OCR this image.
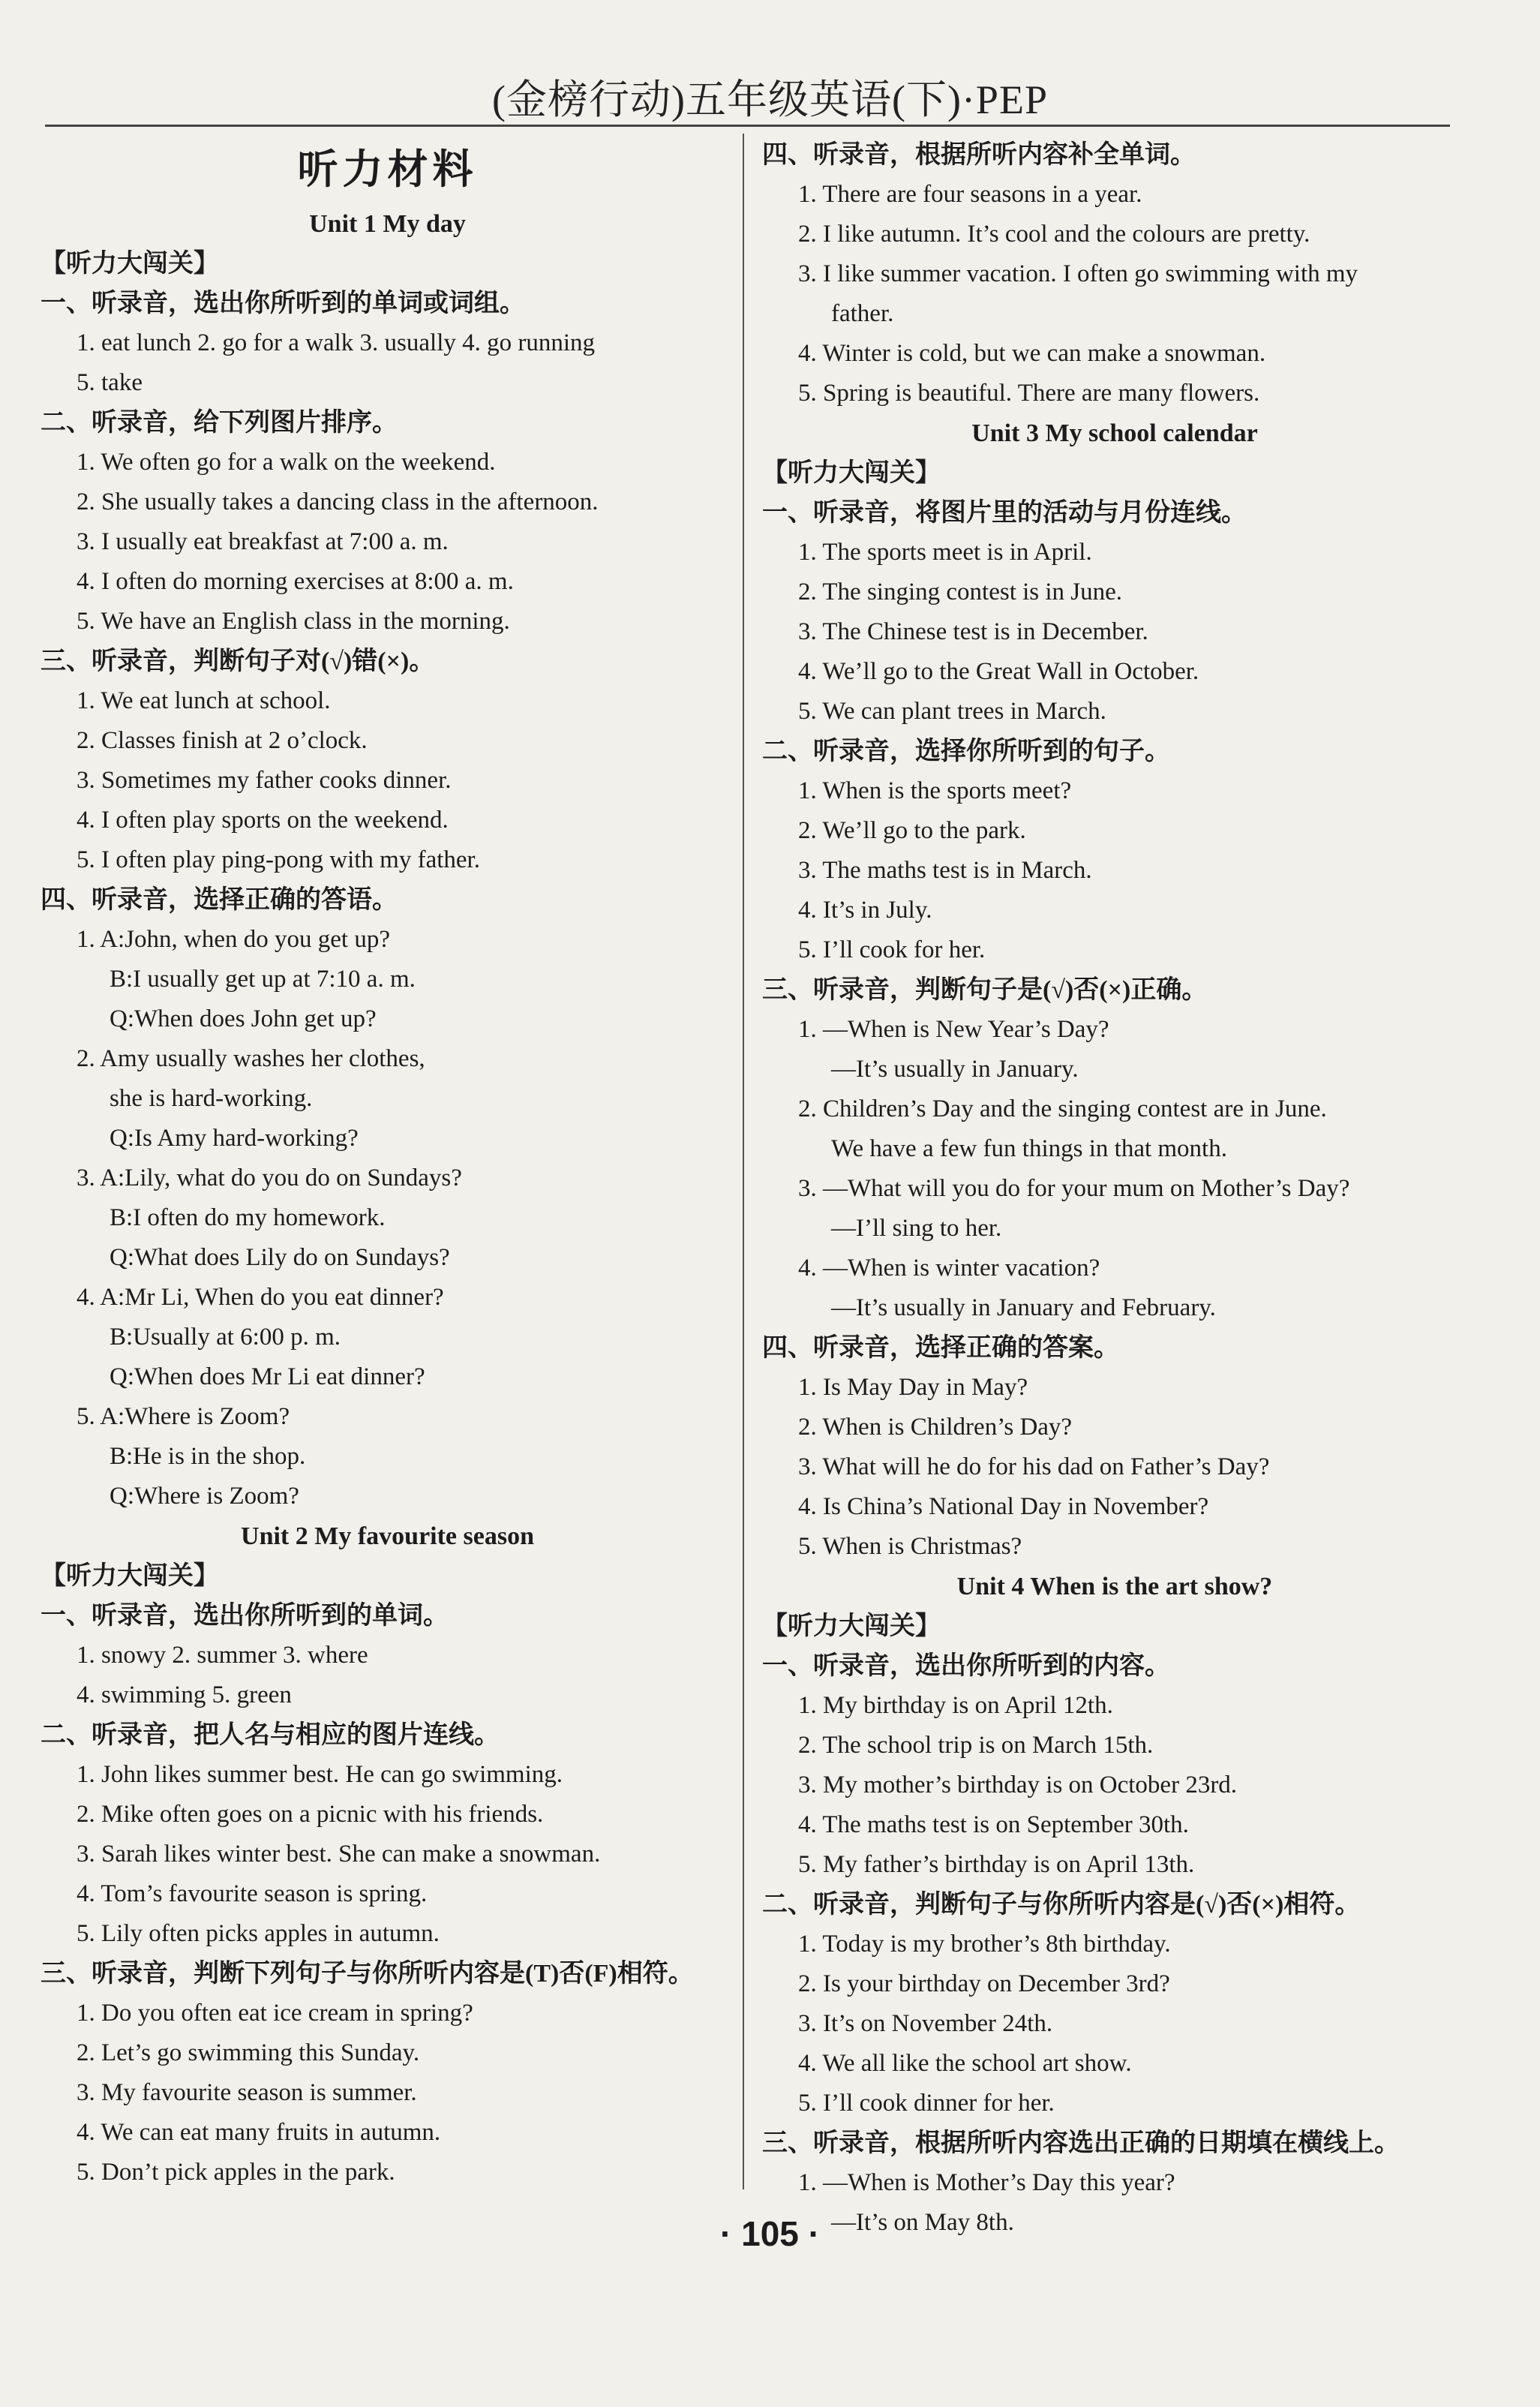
(金榜行动)五年级英语(下)·PEP
听力材料
Unit 1 My day
【听力大闯关】
一、听录音，选出你所听到的单词或词组。
1. eat lunch 2. go for a walk 3. usually 4. go running
5. take
二、听录音，给下列图片排序。
1. We often go for a walk on the weekend.
2. She usually takes a dancing class in the afternoon.
3. I usually eat breakfast at 7:00 a. m.
4. I often do morning exercises at 8:00 a. m.
5. We have an English class in the morning.
三、听录音，判断句子对(√)错(×)。
1. We eat lunch at school.
2. Classes finish at 2 o’clock.
3. Sometimes my father cooks dinner.
4. I often play sports on the weekend.
5. I often play ping-pong with my father.
四、听录音，选择正确的答语。
1. A:John, when do you get up?
B:I usually get up at 7:10 a. m.
Q:When does John get up?
2. Amy usually washes her clothes,
she is hard-working.
Q:Is Amy hard-working?
3. A:Lily, what do you do on Sundays?
B:I often do my homework.
Q:What does Lily do on Sundays?
4. A:Mr Li, When do you eat dinner?
B:Usually at 6:00 p. m.
Q:When does Mr Li eat dinner?
5. A:Where is Zoom?
B:He is in the shop.
Q:Where is Zoom?
Unit 2 My favourite season
【听力大闯关】
一、听录音，选出你所听到的单词。
1. snowy 2. summer 3. where
4. swimming 5. green
二、听录音，把人名与相应的图片连线。
1. John likes summer best. He can go swimming.
2. Mike often goes on a picnic with his friends.
3. Sarah likes winter best. She can make a snowman.
4. Tom’s favourite season is spring.
5. Lily often picks apples in autumn.
三、听录音，判断下列句子与你所听内容是(T)否(F)相符。
1. Do you often eat ice cream in spring?
2. Let’s go swimming this Sunday.
3. My favourite season is summer.
4. We can eat many fruits in autumn.
5. Don’t pick apples in the park.
四、听录音，根据所听内容补全单词。
1. There are four seasons in a year.
2. I like autumn. It’s cool and the colours are pretty.
3. I like summer vacation. I often go swimming with my
father.
4. Winter is cold, but we can make a snowman.
5. Spring is beautiful. There are many flowers.
Unit 3 My school calendar
【听力大闯关】
一、听录音，将图片里的活动与月份连线。
1. The sports meet is in April.
2. The singing contest is in June.
3. The Chinese test is in December.
4. We’ll go to the Great Wall in October.
5. We can plant trees in March.
二、听录音，选择你所听到的句子。
1. When is the sports meet?
2. We’ll go to the park.
3. The maths test is in March.
4. It’s in July.
5. I’ll cook for her.
三、听录音，判断句子是(√)否(×)正确。
1. —When is New Year’s Day?
—It’s usually in January.
2. Children’s Day and the singing contest are in June.
We have a few fun things in that month.
3. —What will you do for your mum on Mother’s Day?
—I’ll sing to her.
4. —When is winter vacation?
—It’s usually in January and February.
四、听录音，选择正确的答案。
1. Is May Day in May?
2. When is Children’s Day?
3. What will he do for his dad on Father’s Day?
4. Is China’s National Day in November?
5. When is Christmas?
Unit 4 When is the art show?
【听力大闯关】
一、听录音，选出你所听到的内容。
1. My birthday is on April 12th.
2. The school trip is on March 15th.
3. My mother’s birthday is on October 23rd.
4. The maths test is on September 30th.
5. My father’s birthday is on April 13th.
二、听录音，判断句子与你所听内容是(√)否(×)相符。
1. Today is my brother’s 8th birthday.
2. Is your birthday on December 3rd?
3. It’s on November 24th.
4. We all like the school art show.
5. I’ll cook dinner for her.
三、听录音，根据所听内容选出正确的日期填在横线上。
1. —When is Mother’s Day this year?
—It’s on May 8th.
· 105 ·
